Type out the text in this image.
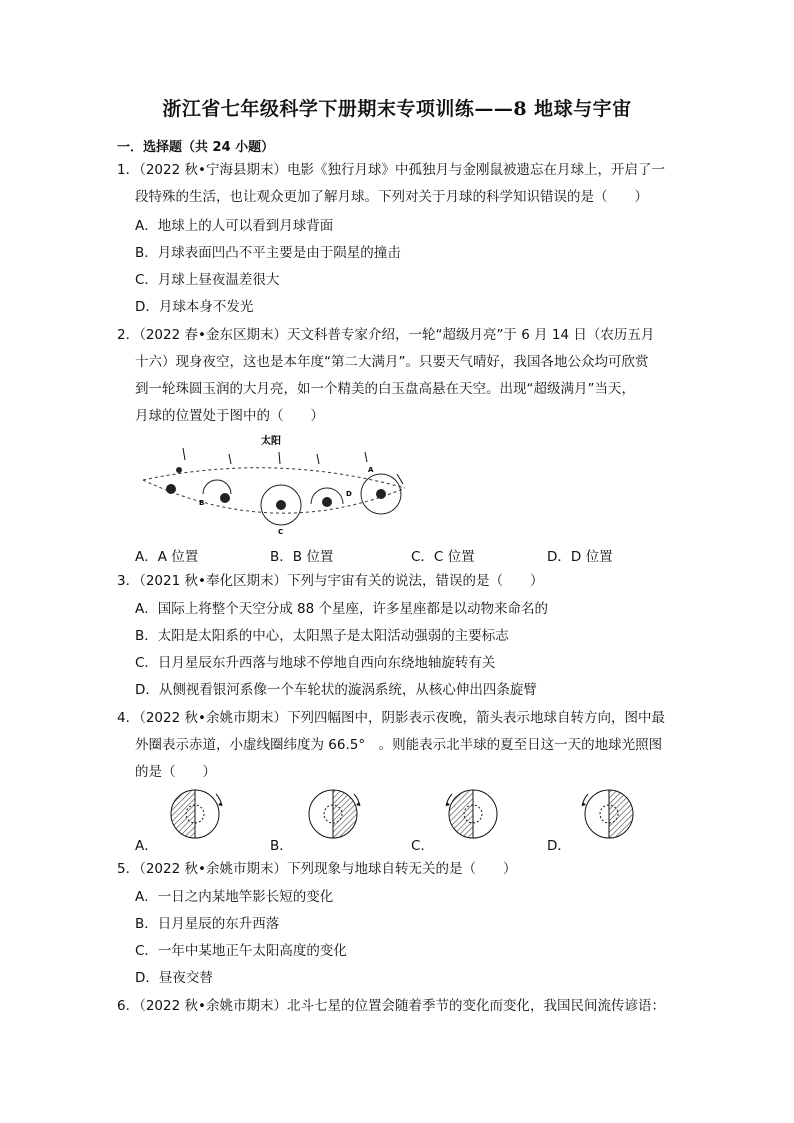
浙江省七年级科学下册期末专项训练——8 地球与宇宙
一．选择题（共 24 小题）
1．（2022 秋•宁海县期末）电影《独行月球》中孤独月与金刚鼠被遗忘在月球上，开启了一
段特殊的生活，也让观众更加了解月球。下列对关于月球的科学知识错误的是（　　）
A．地球上的人可以看到月球背面
B．月球表面凹凸不平主要是由于陨星的撞击
C．月球上昼夜温差很大
D．月球本身不发光
2．（2022 春•金东区期末）天文科普专家介绍，一轮“超级月亮”于 6 月 14 日（农历五月
十六）现身夜空，这也是本年度“第二大满月”。只要天气晴好，我国各地公众均可欣赏
到一轮珠圆玉润的大月亮，如一个精美的白玉盘高悬在天空。出现“超级满月”当天，
月球的位置处于图中的（　　）
太阳
A
B
C
D
A．A 位置	B．B 位置	C．C 位置	D．D 位置
3．（2021 秋•奉化区期末）下列与宇宙有关的说法，错误的是（　　）
A．国际上将整个天空分成 88 个星座，许多星座都是以动物来命名的
B．太阳是太阳系的中心，太阳黑子是太阳活动强弱的主要标志
C．日月星辰东升西落与地球不停地自西向东绕地轴旋转有关
D．从侧视看银河系像一个车轮状的漩涡系统，从核心伸出四条旋臂
4．（2022 秋•余姚市期末）下列四幅图中，阴影表示夜晚，箭头表示地球自转方向，图中最
外圈表示赤道，小虚线圈纬度为 66.5°　。则能表示北半球的夏至日这一天的地球光照图
的是（　　）
A．	B．	C．	D．
5．（2022 秋•余姚市期末）下列现象与地球自转无关的是（　　）
A．一日之内某地竿影长短的变化
B．日月星辰的东升西落
C．一年中某地正午太阳高度的变化
D．昼夜交替
6．（2022 秋•余姚市期末）北斗七星的位置会随着季节的变化而变化，我国民间流传谚语：
